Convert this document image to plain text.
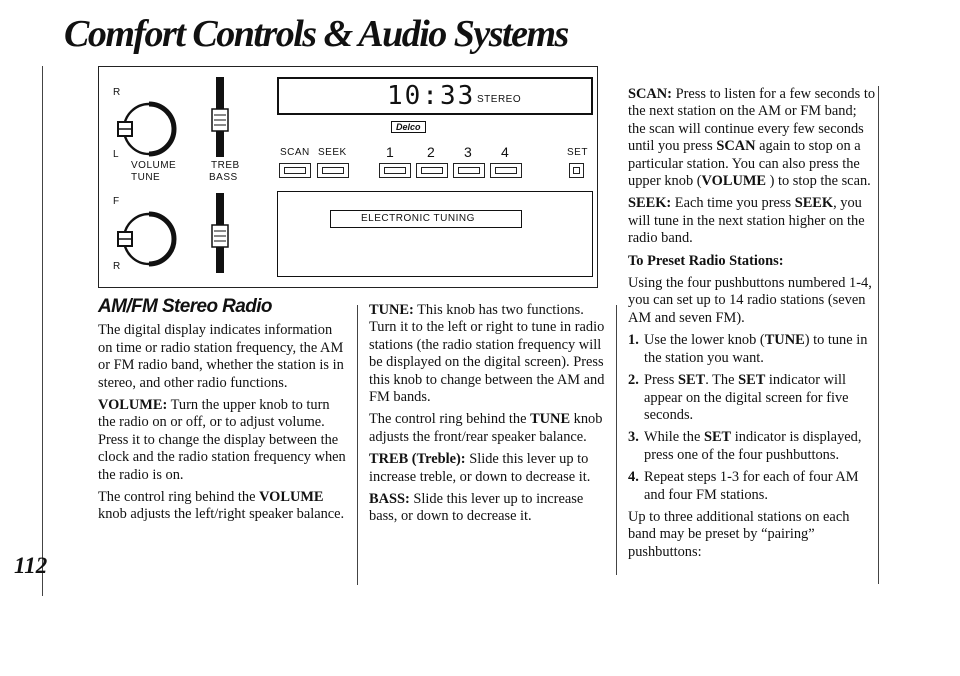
Comfort Controls & Audio Systems
112
R
L
VOLUME
TUNE
F
R
TREB
BASS
10:33 STEREO
Delco
SCAN SEEK	1 2 3 4	SET
ELECTRONIC TUNING
AM/FM Stereo Radio

The digital display indicates information on time or radio station frequency, the AM or FM radio band, whether the station is in stereo, and other radio functions.

VOLUME: Turn the upper knob to turn the radio on or off, or to adjust volume. Press it to change the display between the clock and the radio station frequency when the radio is on.

The control ring behind the VOLUME knob adjusts the left/right speaker balance.

TUNE: This knob has two functions. Turn it to the left or right to tune in radio stations (the radio station frequency will be displayed on the digital screen). Press this knob to change between the AM and FM bands.

The control ring behind the TUNE knob adjusts the front/rear speaker balance.

TREB (Treble): Slide this lever up to increase treble, or down to decrease it.

BASS: Slide this lever up to increase bass, or down to decrease it.

SCAN: Press to listen for a few seconds to the next station on the AM or FM band; the scan will continue every few seconds until you press SCAN again to stop on a particular station. You can also press the upper knob (VOLUME ) to stop the scan.

SEEK: Each time you press SEEK, you will tune in the next station higher on the radio band.

To Preset Radio Stations:

Using the four pushbuttons numbered 1-4, you can set up to 14 radio stations (seven AM and seven FM).

1. Use the lower knob (TUNE) to tune in the station you want.
2. Press SET. The SET indicator will appear on the digital screen for five seconds.
3. While the SET indicator is displayed, press one of the four pushbuttons.
4. Repeat steps 1-3 for each of four AM and four FM stations.

Up to three additional stations on each band may be preset by “pairing” pushbuttons:
